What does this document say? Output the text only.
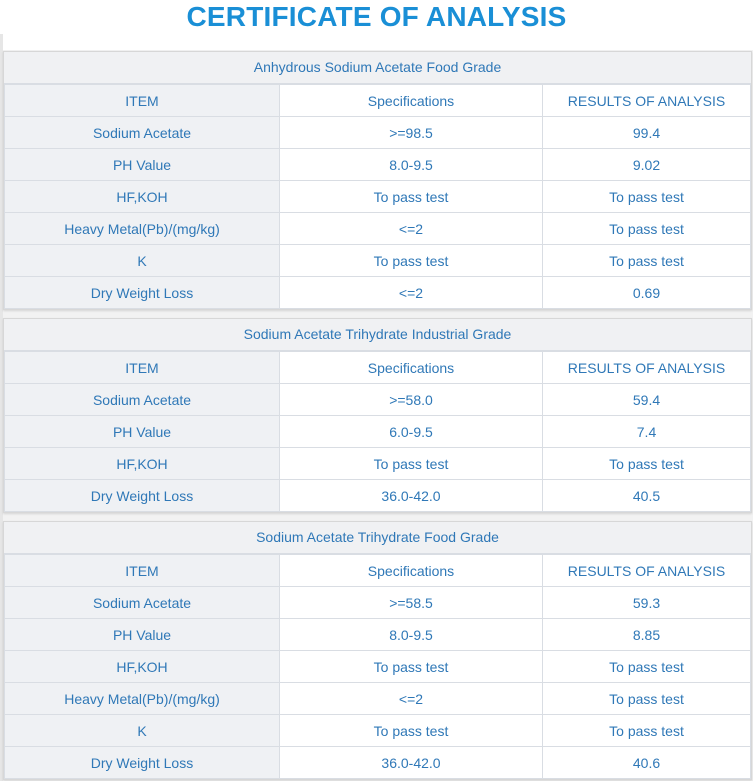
CERTIFICATE OF ANALYSIS
Anhydrous Sodium Acetate Food Grade
ITEM	Specifications	RESULTS OF ANALYSIS
Sodium Acetate	>=98.5	99.4
PH Value	8.0-9.5	9.02
HF,KOH	To pass test	To pass test
Heavy Metal(Pb)/(mg/kg)	<=2	To pass test
K	To pass test	To pass test
Dry Weight Loss	<=2	0.69
Sodium Acetate Trihydrate Industrial Grade
ITEM	Specifications	RESULTS OF ANALYSIS
Sodium Acetate	>=58.0	59.4
PH Value	6.0-9.5	7.4
HF,KOH	To pass test	To pass test
Dry Weight Loss	36.0-42.0	40.5
Sodium Acetate Trihydrate Food Grade
ITEM	Specifications	RESULTS OF ANALYSIS
Sodium Acetate	>=58.5	59.3
PH Value	8.0-9.5	8.85
HF,KOH	To pass test	To pass test
Heavy Metal(Pb)/(mg/kg)	<=2	To pass test
K	To pass test	To pass test
Dry Weight Loss	36.0-42.0	40.6
